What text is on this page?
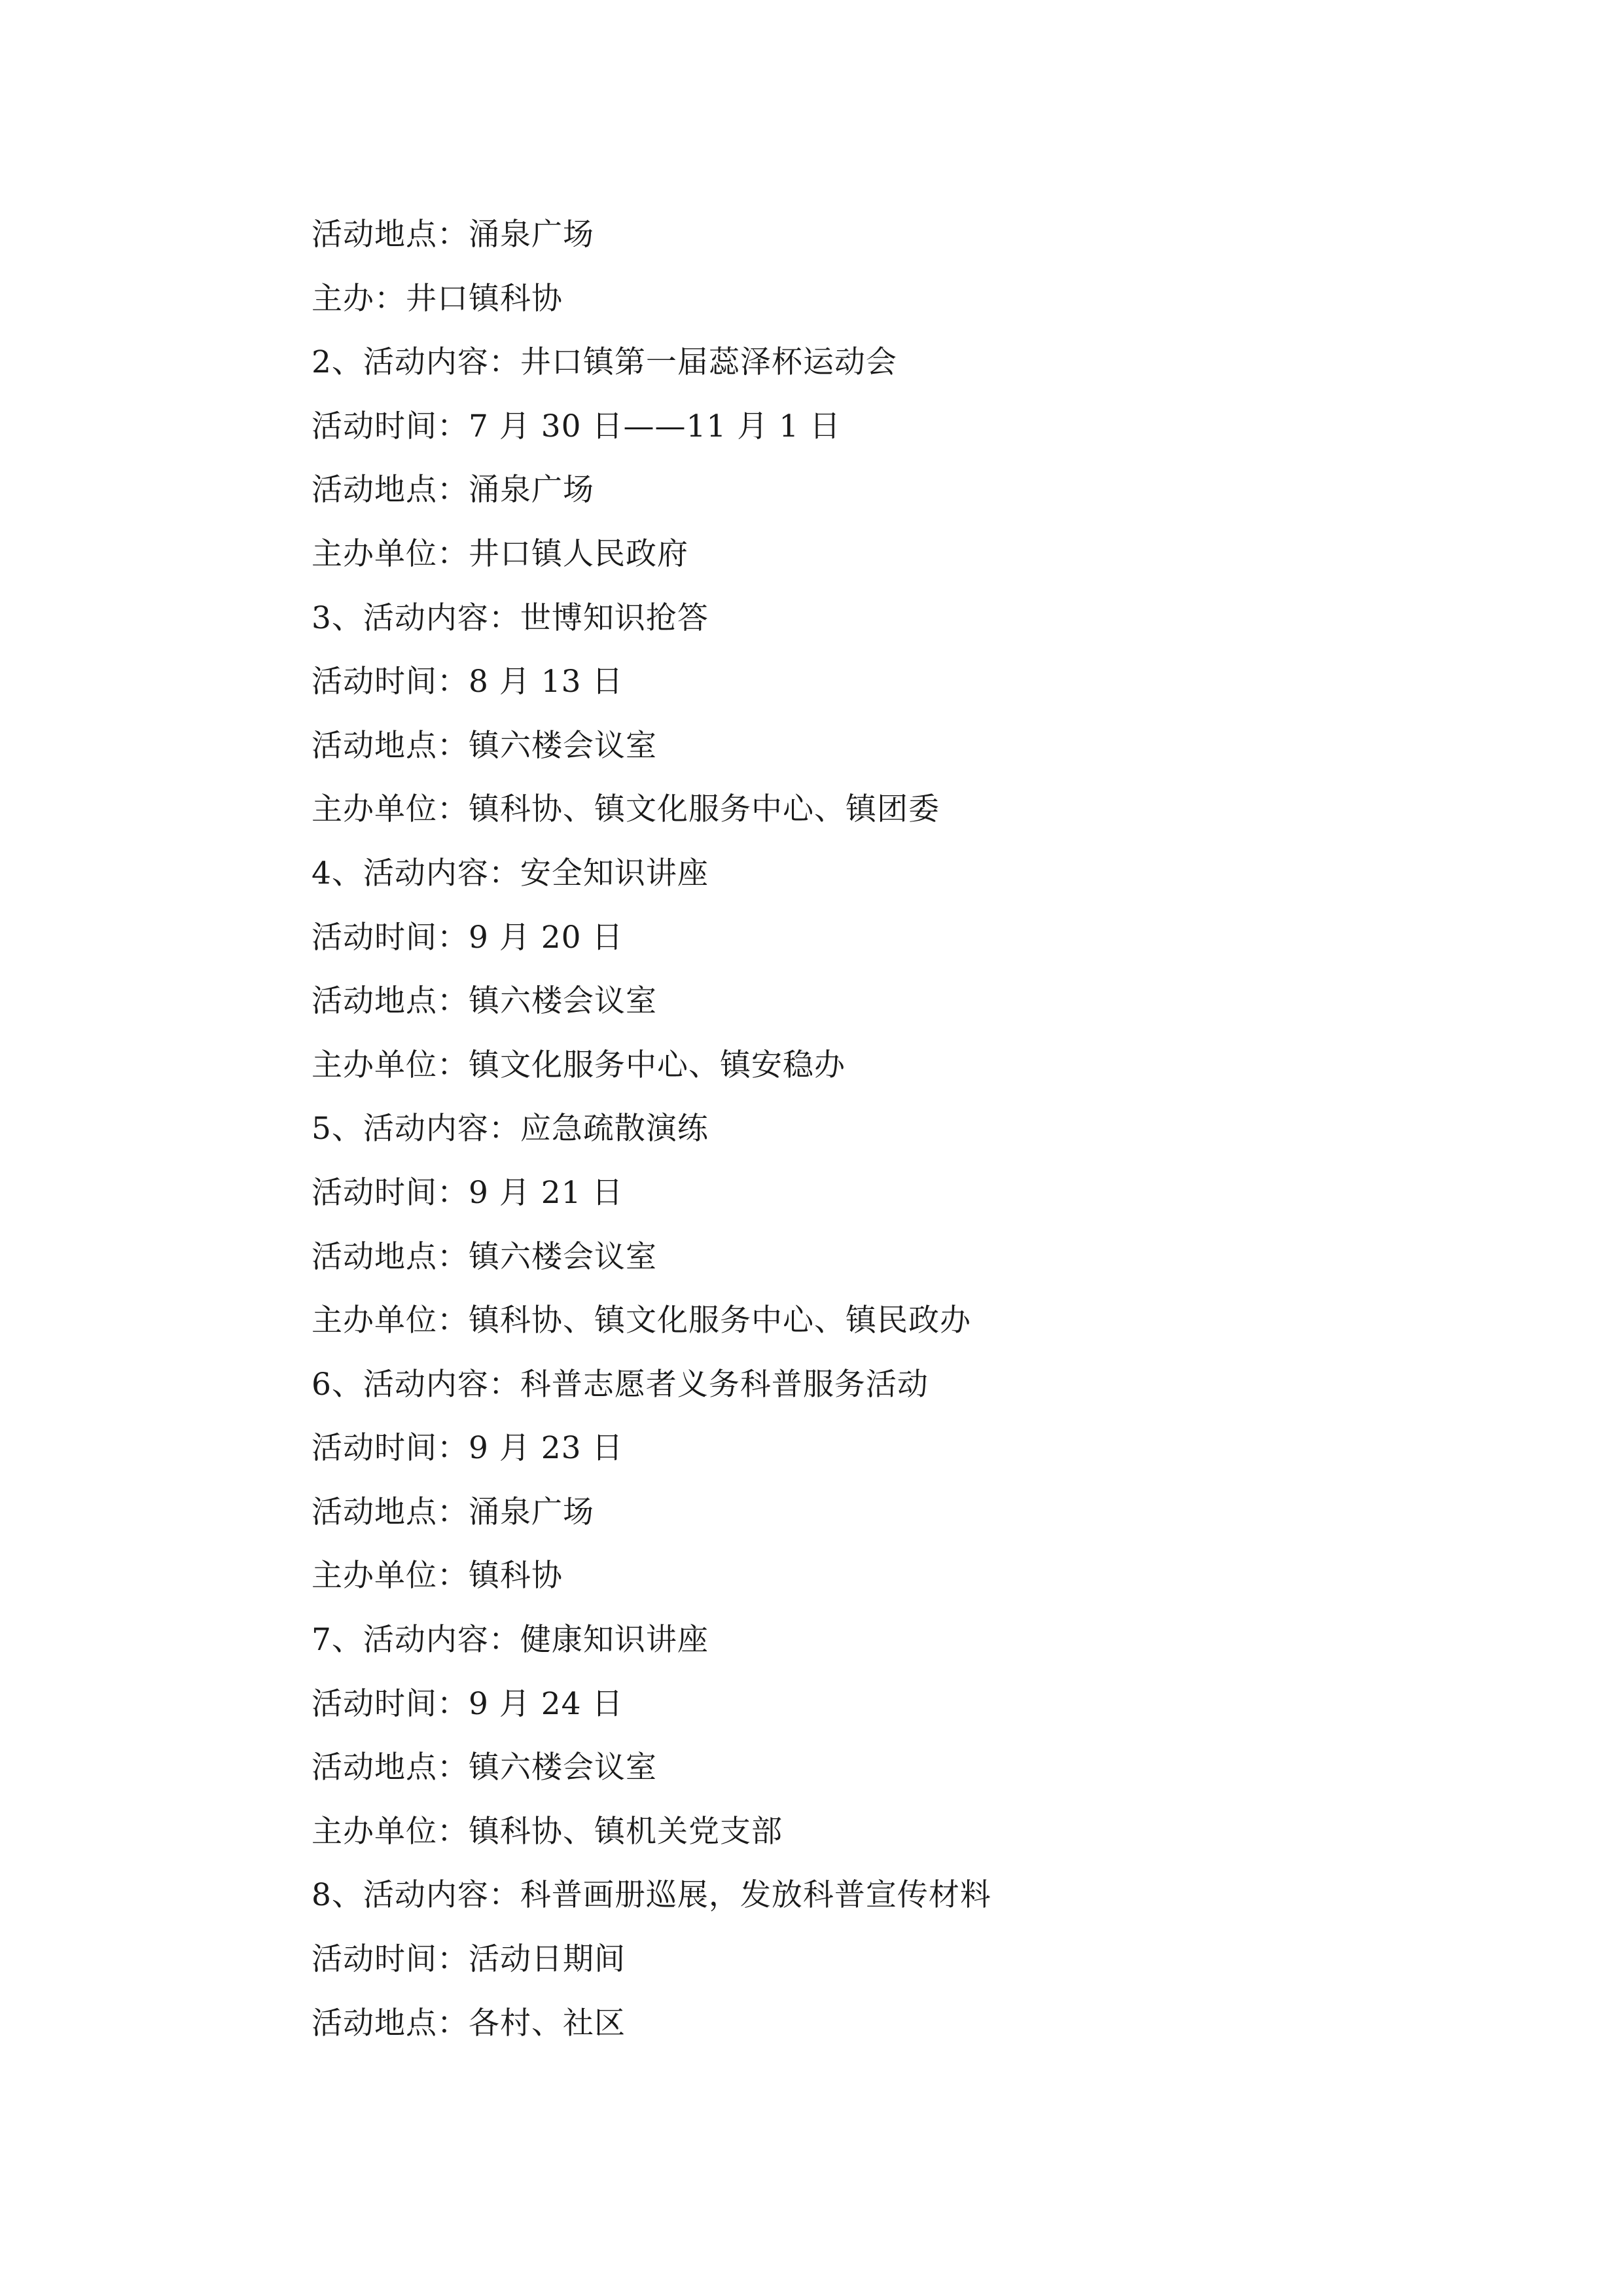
活动地点：涌泉广场
主办：井口镇科协
2、活动内容：井口镇第一届蕊泽杯运动会
活动时间：7 月 30 日——11 月 1 日
活动地点：涌泉广场
主办单位：井口镇人民政府
3、活动内容：世博知识抢答
活动时间：8 月 13 日
活动地点：镇六楼会议室
主办单位：镇科协、镇文化服务中心、镇团委
4、活动内容：安全知识讲座
活动时间：9 月 20 日
活动地点：镇六楼会议室
主办单位：镇文化服务中心、镇安稳办
5、活动内容：应急疏散演练
活动时间：9 月 21 日
活动地点：镇六楼会议室
主办单位：镇科协、镇文化服务中心、镇民政办
6、活动内容：科普志愿者义务科普服务活动
活动时间：9 月 23 日
活动地点：涌泉广场
主办单位：镇科协
7、活动内容：健康知识讲座
活动时间：9 月 24 日
活动地点：镇六楼会议室
主办单位：镇科协、镇机关党支部
8、活动内容：科普画册巡展，发放科普宣传材料
活动时间：活动日期间
活动地点：各村、社区
